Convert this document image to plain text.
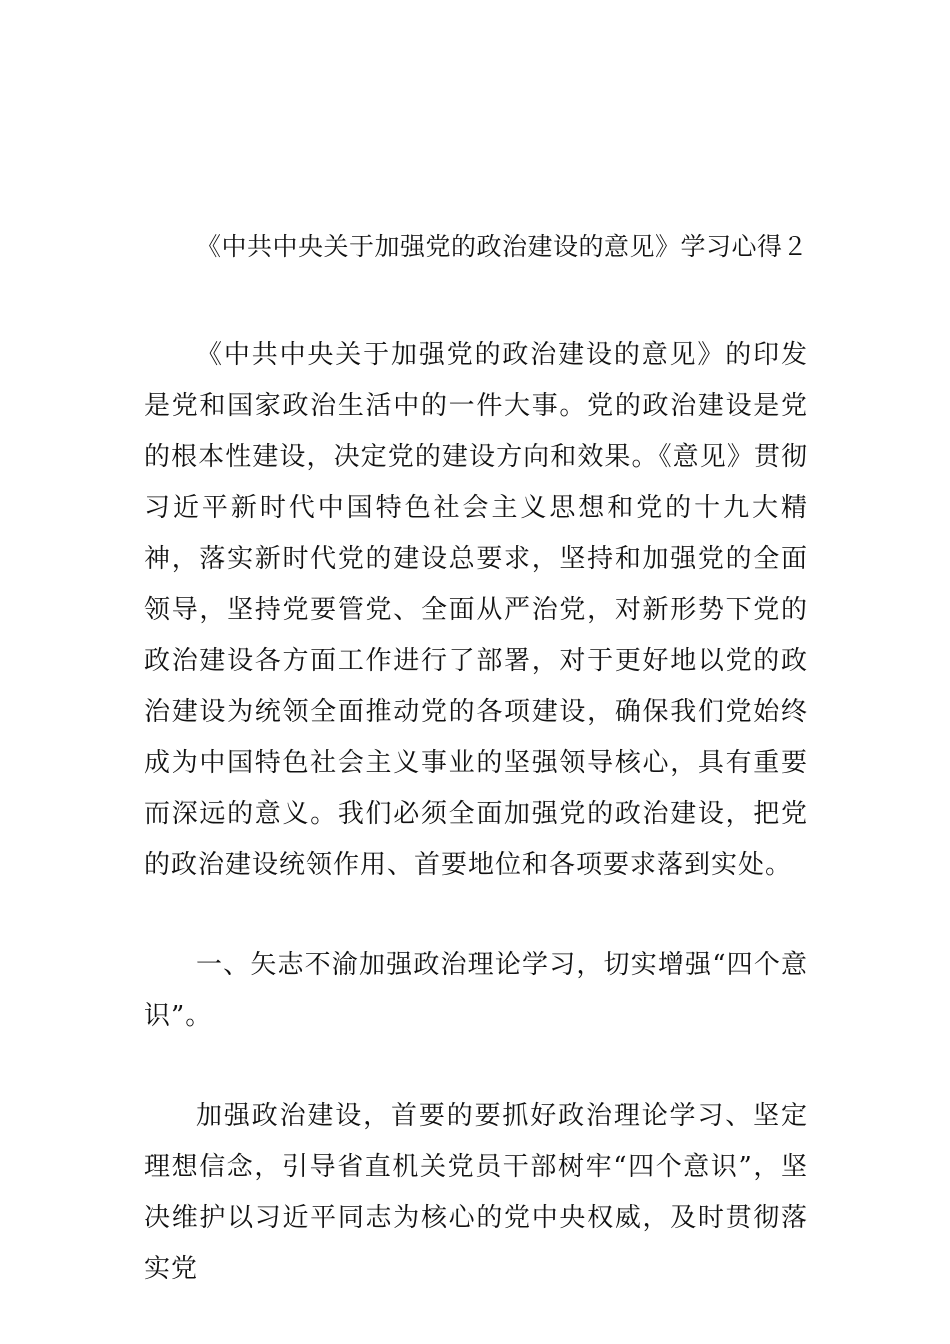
《中共中央关于加强党的政治建设的意见》学习心得２

《中共中央关于加强党的政治建设的意见》的印发是党和国家政治生活中的一件大事。党的政治建设是党的根本性建设，决定党的建设方向和效果。《意见》贯彻习近平新时代中国特色社会主义思想和党的十九大精神，落实新时代党的建设总要求，坚持和加强党的全面领导，坚持党要管党、全面从严治党，对新形势下党的政治建设各方面工作进行了部署，对于更好地以党的政治建设为统领全面推动党的各项建设，确保我们党始终成为中国特色社会主义事业的坚强领导核心，具有重要而深远的意义。我们必须全面加强党的政治建设，把党的政治建设统领作用、首要地位和各项要求落到实处。

一、矢志不渝加强政治理论学习，切实增强“四个意识”。

加强政治建设，首要的要抓好政治理论学习、坚定理想信念，引导省直机关党员干部树牢“四个意识”，坚决维护以习近平同志为核心的党中央权威，及时贯彻落实党
